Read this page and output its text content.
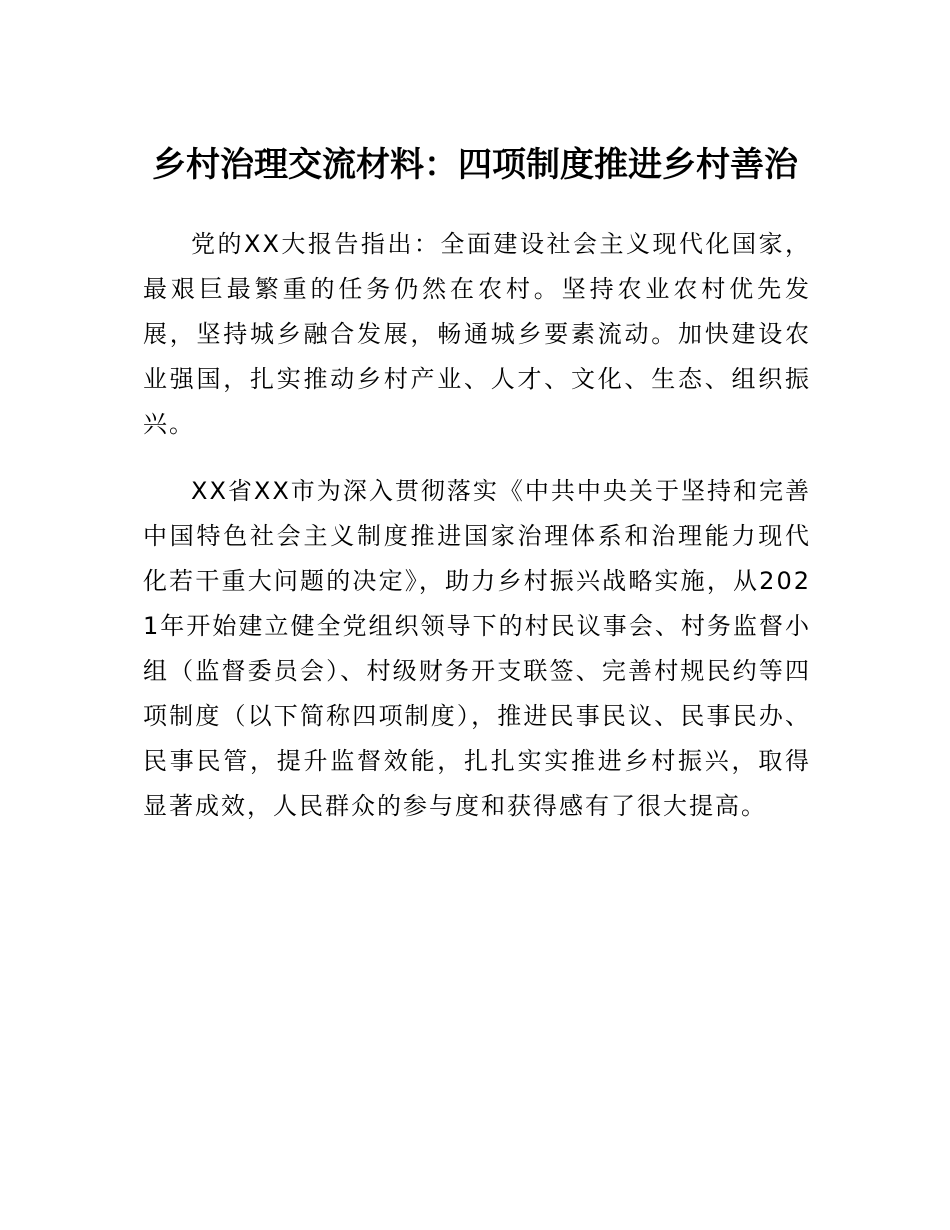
乡村治理交流材料：四项制度推进乡村善治

党的XX大报告指出：全面建设社会主义现代化国家，最艰巨最繁重的任务仍然在农村。坚持农业农村优先发展，坚持城乡融合发展，畅通城乡要素流动。加快建设农业强国，扎实推动乡村产业、人才、文化、生态、组织振兴。

XX省XX市为深入贯彻落实《中共中央关于坚持和完善中国特色社会主义制度推进国家治理体系和治理能力现代化若干重大问题的决定》，助力乡村振兴战略实施，从2021年开始建立健全党组织领导下的村民议事会、村务监督小组（监督委员会）、村级财务开支联签、完善村规民约等四项制度（以下简称四项制度），推进民事民议、民事民办、民事民管，提升监督效能，扎扎实实推进乡村振兴，取得显著成效，人民群众的参与度和获得感有了很大提高。
